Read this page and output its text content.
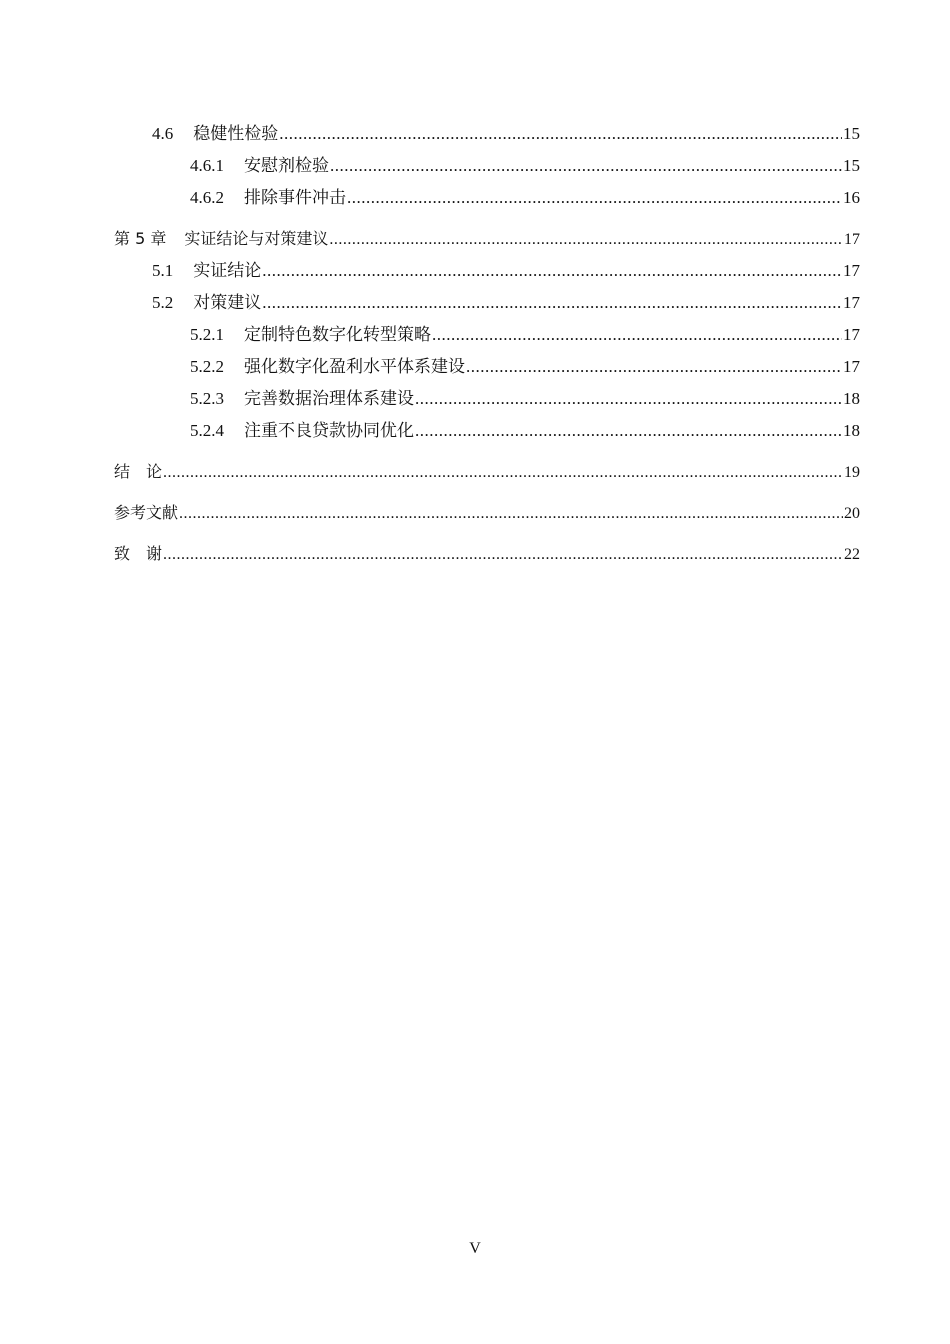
4.6 稳健性检验 .....	15
4.6.1 安慰剂检验 .....	15
4.6.2 排除事件冲击 .....	16
第 5 章 实证结论与对策建议 .....	17
5.1 实证结论 .....	17
5.2 对策建议 .....	17
5.2.1 定制特色数字化转型策略 .....	17
5.2.2 强化数字化盈利水平体系建设 .....	17
5.2.3 完善数据治理体系建设 .....	18
5.2.4 注重不良贷款协同优化 .....	18
结　论 .....	19
参考文献 .....	20
致　谢 .....	22
V
